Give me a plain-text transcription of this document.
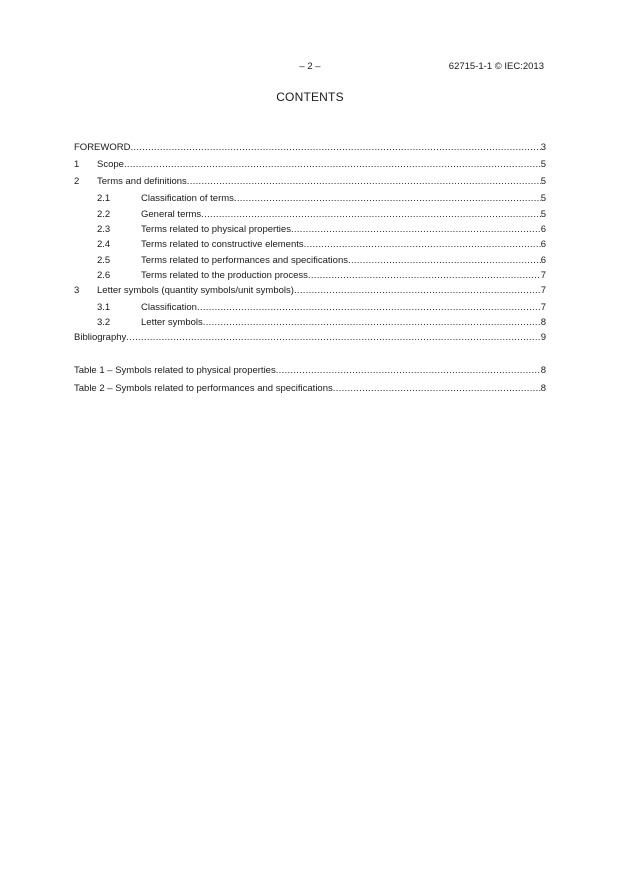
– 2 –	62715-1-1 © IEC:2013
CONTENTS
FOREWORD .....	3
1	Scope .....	5
2	Terms and definitions .....	5
2.1	Classification of terms .....	5
2.2	General terms .....	5
2.3	Terms related to physical properties .....	6
2.4	Terms related to constructive elements .....	6
2.5	Terms related to performances and specifications .....	6
2.6	Terms related to the production process .....	7
3	Letter symbols (quantity symbols/unit symbols) .....	7
3.1	Classification .....	7
3.2	Letter symbols .....	8
Bibliography .....	9
Table 1 – Symbols related to physical properties .....	8
Table 2 – Symbols related to performances and specifications .....	8
